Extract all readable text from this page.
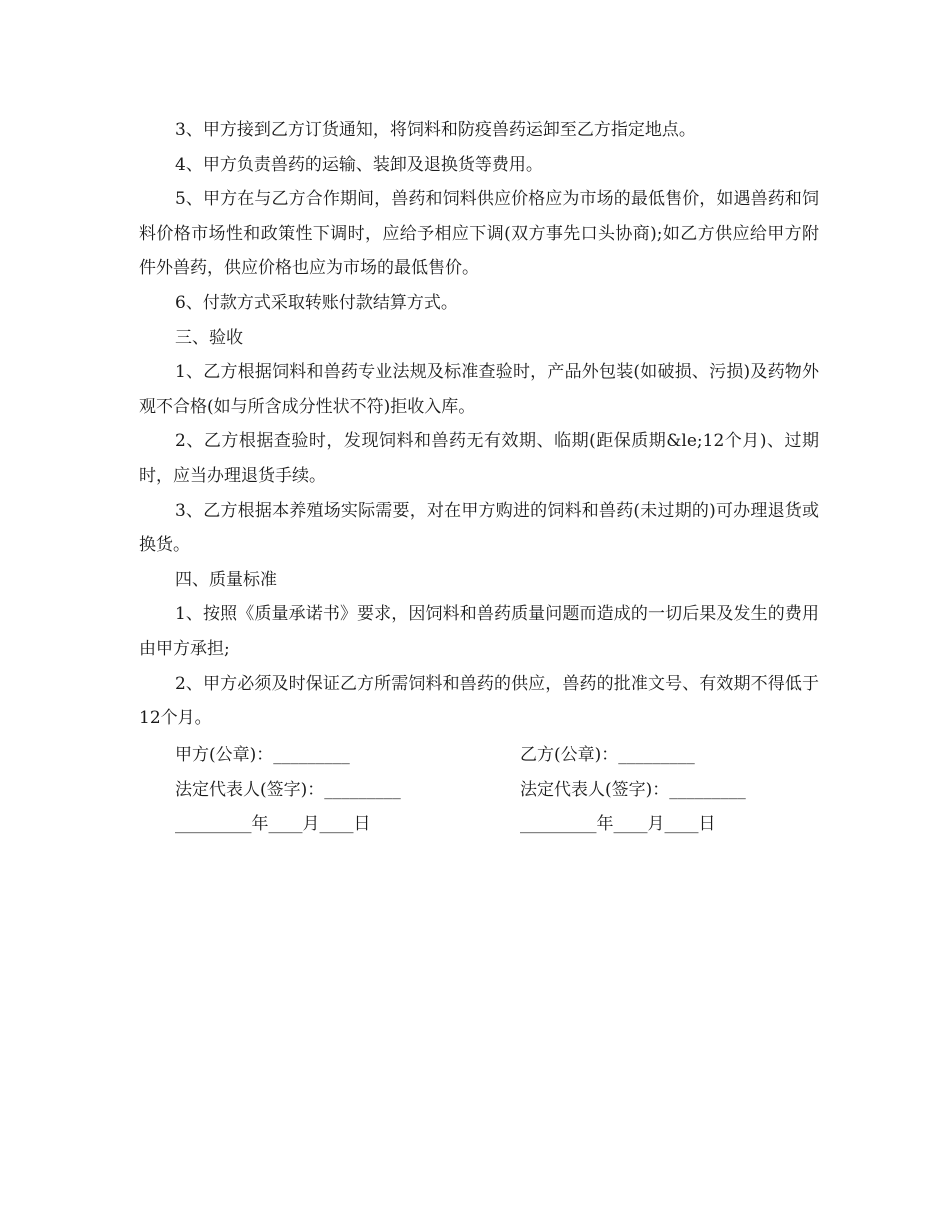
3、甲方接到乙方订货通知，将饲料和防疫兽药运卸至乙方指定地点。

4、甲方负责兽药的运输、装卸及退换货等费用。

5、甲方在与乙方合作期间，兽药和饲料供应价格应为市场的最低售价，如遇兽药和饲料价格市场性和政策性下调时，应给予相应下调(双方事先口头协商);如乙方供应给甲方附件外兽药，供应价格也应为市场的最低售价。

6、付款方式采取转账付款结算方式。

三、验收

1、乙方根据饲料和兽药专业法规及标准查验时，产品外包装(如破损、污损)及药物外观不合格(如与所含成分性状不符)拒收入库。

2、乙方根据查验时，发现饲料和兽药无有效期、临期(距保质期&le;12个月)、过期时，应当办理退货手续。

3、乙方根据本养殖场实际需要，对在甲方购进的饲料和兽药(未过期的)可办理退货或换货。

四、质量标准

1、按照《质量承诺书》要求，因饲料和兽药质量问题而造成的一切后果及发生的费用由甲方承担;

2、甲方必须及时保证乙方所需饲料和兽药的供应，兽药的批准文号、有效期不得低于12个月。

甲方(公章)：_________	乙方(公章)：_________
法定代表人(签字)：_________	法定代表人(签字)：_________
_________年____月____日	_________年____月____日
